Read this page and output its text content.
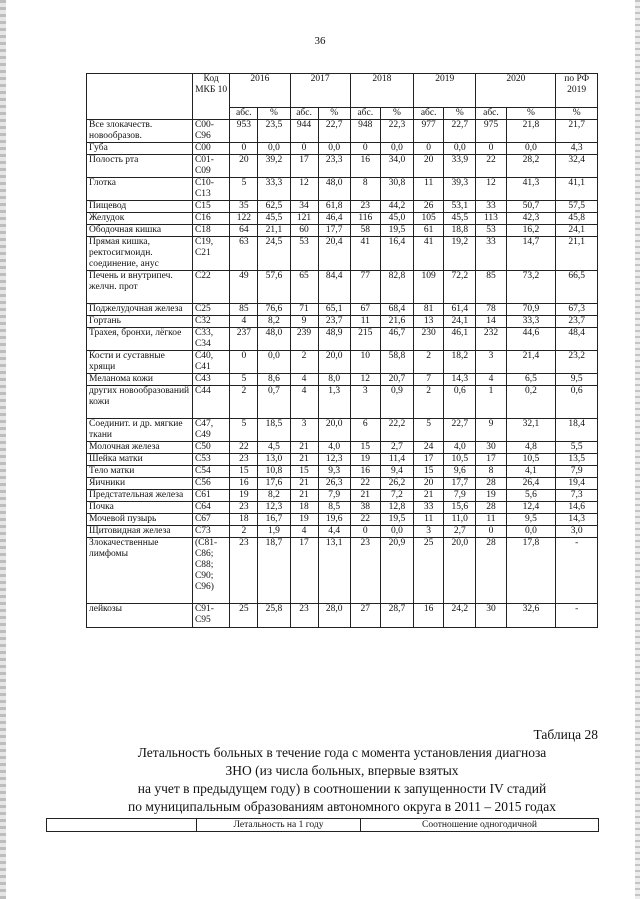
36
	Код МКБ 10	2016		2017		2018		2019		2020		по РФ 2019
		абс.	%	абс.	%	абс.	%	абс.	%	абс.	%	%
Все злокачеств. новообразов.	C00-C96	953	23,5	944	22,7	948	22,3	977	22,7	975	21,8	21,7
Губа	C00	0	0,0	0	0,0	0	0,0	0	0,0	0	0,0	4,3
Полость рта	C01-C09	20	39,2	17	23,3	16	34,0	20	33,9	22	28,2	32,4
Глотка	C10-C13	5	33,3	12	48,0	8	30,8	11	39,3	12	41,3	41,1
Пищевод	C15	35	62,5	34	61,8	23	44,2	26	53,1	33	50,7	57,5
Желудок	C16	122	45,5	121	46,4	116	45,0	105	45,5	113	42,3	45,8
Ободочная кишка	C18	64	21,1	60	17,7	58	19,5	61	18,8	53	16,2	24,1
Прямая кишка, ректосигмоидн. соединение, анус	C19, C21	63	24,5	53	20,4	41	16,4	41	19,2	33	14,7	21,1
Печень и внутрипеч. желчн. прот	C22	49	57,6	65	84,4	77	82,8	109	72,2	85	73,2	66,5
Поджелудочная железа	C25	85	76,6	71	65,1	67	68,4	81	61,4	78	70,9	67,3
Гортань	C32	4	8,2	9	23,7	11	21,6	13	24,1	14	33,3	23,7
Трахея, бронхи, лёгкое	C33, C34	237	48,0	239	48,9	215	46,7	230	46,1	232	44,6	48,4
Кости и суставные хрящи	C40, C41	0	0,0	2	20,0	10	58,8	2	18,2	3	21,4	23,2
Меланома кожи	C43	5	8,6	4	8,0	12	20,7	7	14,3	4	6,5	9,5
других новообразований кожи	C44	2	0,7	4	1,3	3	0,9	2	0,6	1	0,2	0,6
Соединит. и др. мягкие ткани	C47, C49	5	18,5	3	20,0	6	22,2	5	22,7	9	32,1	18,4
Молочная железа	C50	22	4,5	21	4,0	15	2,7	24	4,0	30	4,8	5,5
Шейка матки	C53	23	13,0	21	12,3	19	11,4	17	10,5	17	10,5	13,5
Тело матки	C54	15	10,8	15	9,3	16	9,4	15	9,6	8	4,1	7,9
Яичники	C56	16	17,6	21	26,3	22	26,2	20	17,7	28	26,4	19,4
Предстательная железа	C61	19	8,2	21	7,9	21	7,2	21	7,9	19	5,6	7,3
Почка	C64	23	12,3	18	8,5	38	12,8	33	15,6	28	12,4	14,6
Мочевой пузырь	C67	18	16,7	19	19,6	22	19,5	11	11,0	11	9,5	14,3
Щитовидная железа	C73	2	1,9	4	4,4	0	0,0	3	2,7	0	0,0	3,0
Злокачественные лимфомы	(C81-C86; C88; C90; C96)	23	18,7	17	13,1	23	20,9	25	20,0	28	17,8	-
лейкозы	C91-C95	25	25,8	23	28,0	27	28,7	16	24,2	30	32,6	-
Таблица 28
Летальность больных в течение года с момента установления диагноза
ЗНО (из числа больных, впервые взятых
на учет в предыдущем году) в соотношении к запущенности IV стадий
по муниципальным образованиям автономного округа в 2011 – 2015 годах
	Летальность на 1 году	Соотношение одногодичной
